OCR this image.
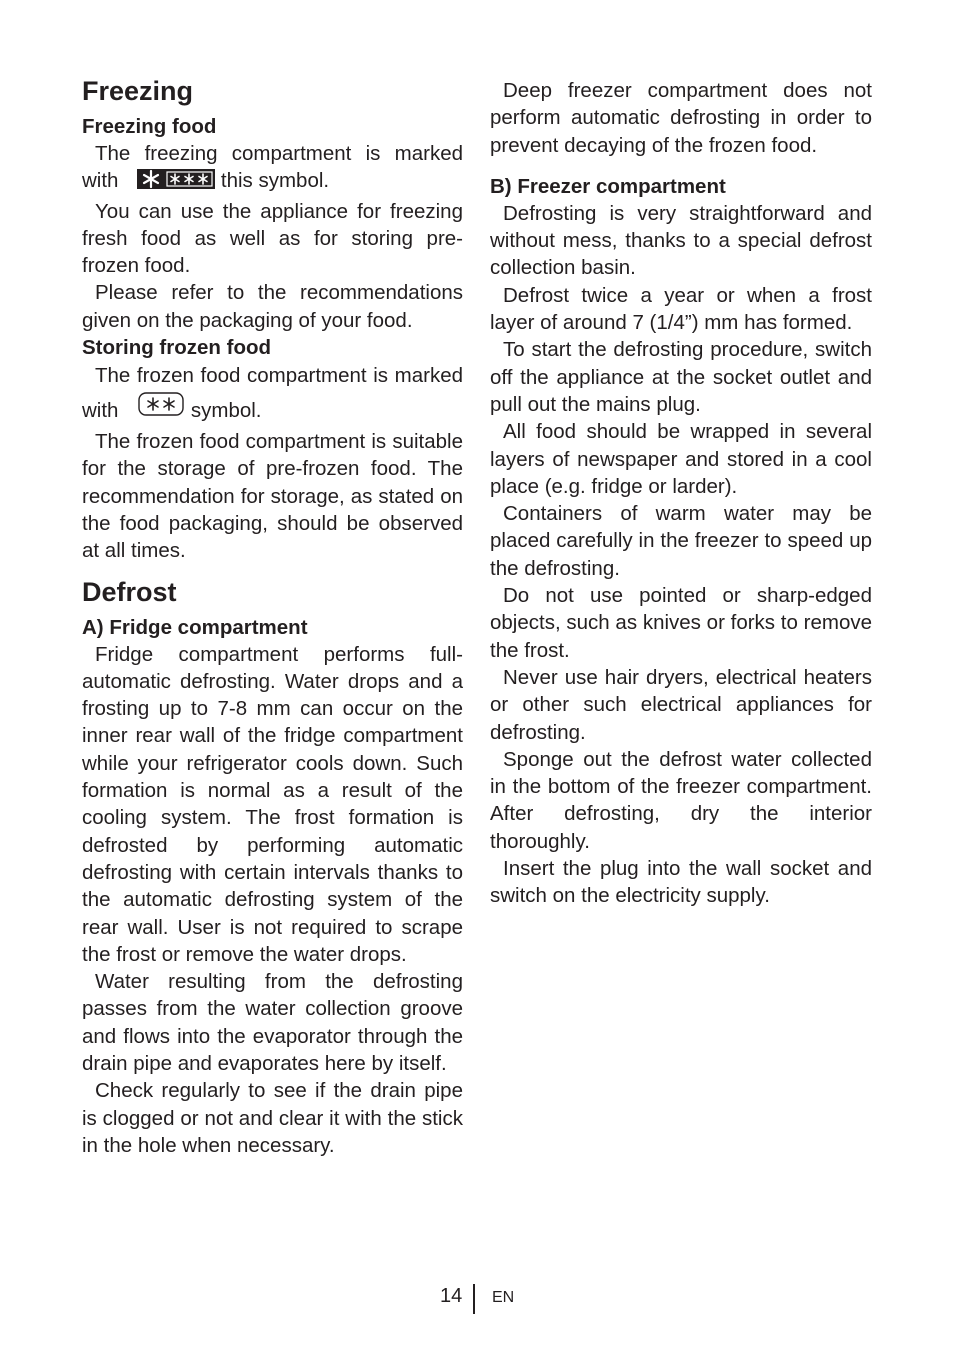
Freezing
Freezing food

The freezing compartment is marked with	this symbol.

You can use the appliance for freezing fresh food as well as for storing pre-frozen food.

Please refer to the recommendations given on the packaging of your food.

Storing frozen food

The frozen food compartment is marked with	symbol.

The frozen food compartment is suitable for the storage of pre-frozen food. The recommendation for storage, as stated on the food packaging, should be observed at all times.

Defrost
A) Fridge compartment

Fridge compartment performs full-automatic defrosting. Water drops and a frosting up to 7-8 mm can occur on the inner rear wall of the fridge compartment while your refrigerator cools down. Such formation is normal as a result of the cooling system. The frost formation is defrosted by performing automatic defrosting with certain intervals thanks to the automatic defrosting system of the rear wall. User is not required to scrape the frost or remove the water drops.

Water resulting from the defrosting passes from the water collection groove and flows into the evaporator through the drain pipe and evaporates here by itself.

Check regularly to see if the drain pipe is clogged or not and clear it with the stick in the hole when necessary.

Deep freezer compartment does not perform automatic defrosting in order to prevent decaying of the frozen food.

B) Freezer compartment

Defrosting is very straightforward and without mess, thanks to a special defrost collection basin.

Defrost twice a year or when a frost layer of around 7 (1/4”) mm has formed.

To start the defrosting procedure, switch off the appliance at the socket outlet and pull out the mains plug.

All food should be wrapped in several layers of newspaper and stored in a cool place (e.g. fridge or larder).

Containers of warm water may be placed carefully in the freezer to speed up the defrosting.

Do not use pointed or sharp-edged objects, such as knives or forks to remove the frost.

Never use hair dryers, electrical heaters or other such electrical appliances for defrosting.

Sponge out the defrost water collected in the bottom of the freezer compartment. After defrosting, dry the interior thoroughly.

Insert the plug into the wall socket and switch on the electricity supply.

14 EN
